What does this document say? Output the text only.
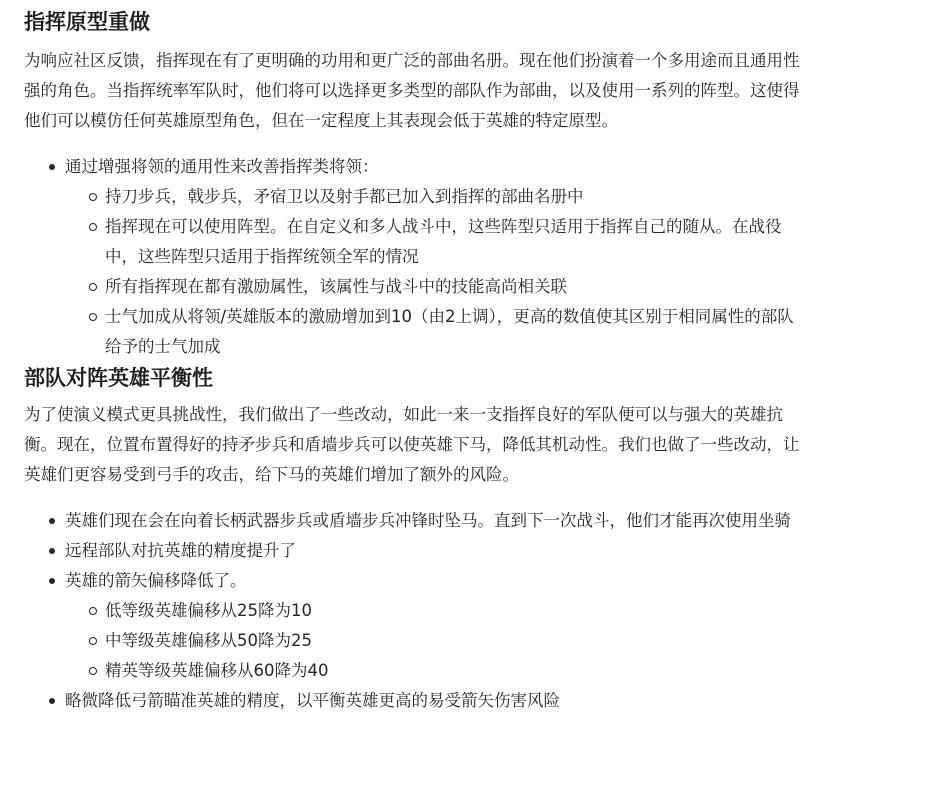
指挥原型重做

为响应社区反馈，指挥现在有了更明确的功用和更广泛的部曲名册。现在他们扮演着一个多用途而且通用性强的角色。当指挥统率军队时，他们将可以选择更多类型的部队作为部曲，以及使用一系列的阵型。这使得他们可以模仿任何英雄原型角色，但在一定程度上其表现会低于英雄的特定原型。

通过增强将领的通用性来改善指挥类将领：
持刀步兵，戟步兵，矛宿卫以及射手都已加入到指挥的部曲名册中
指挥现在可以使用阵型。在自定义和多人战斗中，这些阵型只适用于指挥自己的随从。在战役中，这些阵型只适用于指挥统领全军的情况
所有指挥现在都有激励属性，该属性与战斗中的技能高尚相关联
士气加成从将领/英雄版本的激励增加到10（由2上调），更高的数值使其区别于相同属性的部队给予的士气加成
部队对阵英雄平衡性

为了使演义模式更具挑战性，我们做出了一些改动，如此一来一支指挥良好的军队便可以与强大的英雄抗衡。现在，位置布置得好的持矛步兵和盾墙步兵可以使英雄下马，降低其机动性。我们也做了一些改动，让英雄们更容易受到弓手的攻击，给下马的英雄们增加了额外的风险。

英雄们现在会在向着长柄武器步兵或盾墙步兵冲锋时坠马。直到下一次战斗，他们才能再次使用坐骑
远程部队对抗英雄的精度提升了
英雄的箭矢偏移降低了。
低等级英雄偏移从25降为10
中等级英雄偏移从50降为25
精英等级英雄偏移从60降为40
略微降低弓箭瞄准英雄的精度，以平衡英雄更高的易受箭矢伤害风险
